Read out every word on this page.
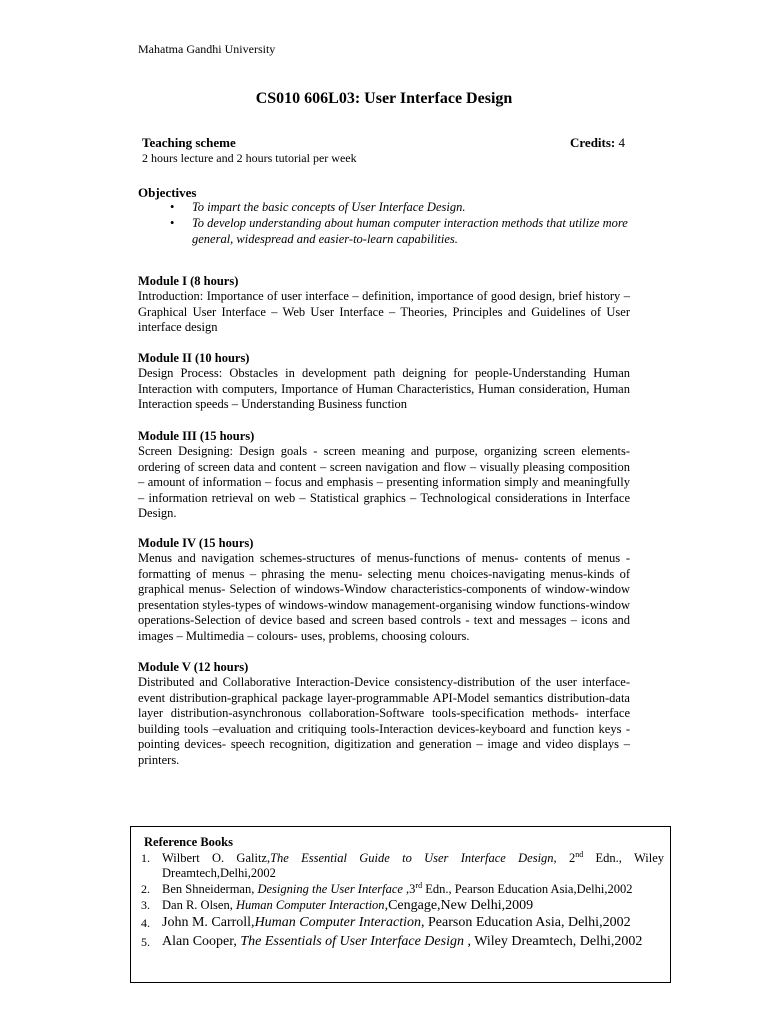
Mahatma Gandhi University
CS010 606L03: User Interface Design
Teaching scheme	Credits: 4
2 hours lecture and 2 hours tutorial per week
Objectives
• To impart the basic concepts of User Interface Design.
• To develop understanding about human computer interaction methods that utilize more general, widespread and easier-to-learn capabilities.
Module I (8 hours)
Introduction: Importance of user interface – definition, importance of good design, brief history – Graphical User Interface – Web User Interface – Theories, Principles and Guidelines of User interface design
Module II (10 hours)
Design Process: Obstacles in development path deigning for people-Understanding Human Interaction with computers, Importance of Human Characteristics, Human consideration, Human Interaction speeds – Understanding Business function
Module III (15 hours)
Screen Designing: Design goals - screen meaning and purpose, organizing screen elements-ordering of screen data and content – screen navigation and flow – visually pleasing composition – amount of information – focus and emphasis – presenting information simply and meaningfully – information retrieval on web – Statistical graphics – Technological considerations in Interface Design.
Module IV (15 hours)
Menus and navigation schemes-structures of menus-functions of menus- contents of menus - formatting of menus – phrasing the menu- selecting menu choices-navigating menus-kinds of graphical menus- Selection of windows-Window characteristics-components of window-window presentation styles-types of windows-window management-organising window functions-window operations-Selection of device based and screen based controls - text and messages – icons and images – Multimedia – colours- uses, problems, choosing colours.
Module V (12 hours)
Distributed and Collaborative Interaction-Device consistency-distribution of the user interface-event distribution-graphical package layer-programmable API-Model semantics distribution-data layer distribution-asynchronous collaboration-Software tools-specification methods- interface building tools –evaluation and critiquing tools-Interaction devices-keyboard and function keys - pointing devices- speech recognition, digitization and generation – image and video displays – printers.
Reference Books
1. Wilbert O. Galitz,The Essential Guide to User Interface Design, 2nd Edn., Wiley Dreamtech,Delhi,2002
2. Ben Shneiderman, Designing the User Interface ,3rd Edn., Pearson Education Asia,Delhi,2002
3. Dan R. Olsen, Human Computer Interaction,Cengage,New Delhi,2009
4. John M. Carroll,Human Computer Interaction, Pearson Education Asia, Delhi,2002
5. Alan Cooper, The Essentials of User Interface Design , Wiley Dreamtech, Delhi,2002
